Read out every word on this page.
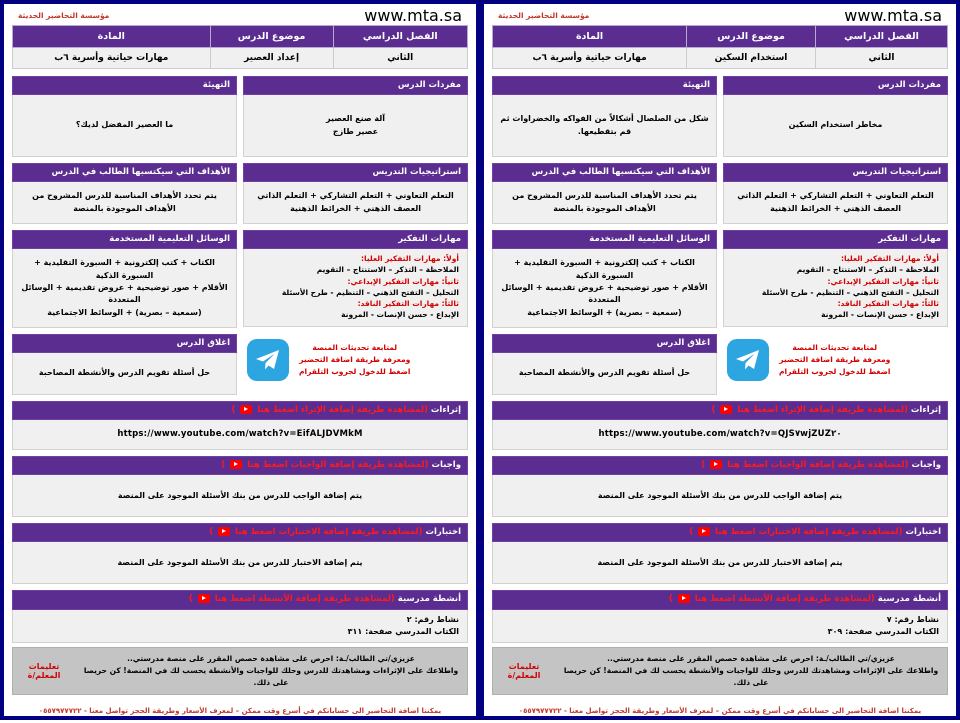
www.mta.sa
مؤسسة التحاضير الحديثة
الفصل الدراسي	موضوع الدرس	المادة
الثاني	إعداد العصير	مهارات حياتية وأسرية ٦ب
التهيئة
ما العصير المفضل لديك؟
الأهداف التي سيكتسبها الطالب في الدرس
يتم تحدد الأهداف المناسبة للدرس المشروح من الأهداف الموجودة بالمنصة
الوسائل التعليمية المستخدمة
الكتاب + كتب إلكترونية + السبورة التقليدية + السبورة الذكية
الأقلام + صور توضيحية + عروض تقديمية + الوسائل المتعددة
(سمعية – بصرية) + الوسائط الاجتماعية
اغلاق الدرس
حل أسئلة تقويم الدرس والأنشطة المصاحبة
مفردات الدرس
آلة صنع العصير
عصير طازج
استراتيجيات التدريس
التعلم التعاوني + التعلم التشاركي + التعلم الذاتي
العصف الذهني + الخرائط الذهنية
مهارات التفكير
أولاً: مهارات التفكير العليا:
الملاحظة – التذكر – الاستنتاج – التقويم
ثانياً: مهارات التفكير الإبداعي:
التحليل – التفتح الذهني – التنظيم - طرح الأسئلة
ثالثاً: مهارات التفكير الناقد:
الإبداع - حسن الإنصات - المرونة
لمتابعة تحديثات المنصة
ومعرفة طريقة اضافة التحضير
اضغط للدخول لجروب التلقرام
إثراءات (لمشاهدة طريقة إضافة الإثراء اضغط هنا  )
https://www.youtube.com/watch?v=EifALJDVMkM
واجبات (لمشاهدة طريقة إضافة الواجبات اضغط هنا  )
يتم إضافة الواجب للدرس من بنك الأسئلة الموجود على المنصة
اختبارات (لمشاهدة طريقة إضافة الاختبارات اضغط هنا  )
يتم إضافة الاختبار للدرس من بنك الأسئلة الموجود على المنصة
أنشطة مدرسية (لمشاهدة طريقة إضافة الأنشطة اضغط هنا  )
نشاط رقم: ٢
الكتاب المدرسي صفحة: ٣١١
تعليمات المعلم/ة
عزيزي/تي الطالب/ـة: احرص على مشاهدة حصص المقرر على منصة مدرستي..
واطلاعك على الإثراءات ومشاهدتك للدرس وحلك للواجبات والأنشطة يحسب لك في المنصة! كن حريصا على ذلك.
يمكننا اضافة التحاضير الى حساباتكم في أسرع وقت ممكن – لمعرف الأسعار وطريقة الحجز تواصل معنا - ٠٥٥٧٩٧٧٧٢٢
www.mta.sa
مؤسسة التحاضير الحديثة
الفصل الدراسي	موضوع الدرس	المادة
الثاني	استخدام السكين	مهارات حياتية وأسرية ٦ب
التهيئة
شكل من الصلصال أشكالاً من الفواكه والخضراوات ثم قم بتقطيعها.
الأهداف التي سيكتسبها الطالب في الدرس
يتم تحدد الأهداف المناسبة للدرس المشروح من الأهداف الموجودة بالمنصة
الوسائل التعليمية المستخدمة
الكتاب + كتب إلكترونية + السبورة التقليدية + السبورة الذكية
الأقلام + صور توضيحية + عروض تقديمية + الوسائل المتعددة
(سمعية – بصرية) + الوسائط الاجتماعية
اغلاق الدرس
حل أسئلة تقويم الدرس والأنشطة المصاحبة
مفردات الدرس
مخاطر استخدام السكين
استراتيجيات التدريس
التعلم التعاوني + التعلم التشاركي + التعلم الذاتي
العصف الذهني + الخرائط الذهنية
مهارات التفكير
أولاً: مهارات التفكير العليا:
الملاحظة – التذكر – الاستنتاج – التقويم
ثانياً: مهارات التفكير الإبداعي:
التحليل – التفتح الذهني – التنظيم - طرح الأسئلة
ثالثاً: مهارات التفكير الناقد:
الإبداع - حسن الإنصات - المرونة
لمتابعة تحديثات المنصة
ومعرفة طريقة اضافة التحضير
اضغط للدخول لجروب التلقرام
إثراءات (لمشاهدة طريقة إضافة الإثراء اضغط هنا  )
https://www.youtube.com/watch?v=QJS٧wjZUZ٢٠
واجبات (لمشاهدة طريقة إضافة الواجبات اضغط هنا  )
يتم إضافة الواجب للدرس من بنك الأسئلة الموجود على المنصة
اختبارات (لمشاهدة طريقة إضافة الاختبارات اضغط هنا  )
يتم إضافة الاختبار للدرس من بنك الأسئلة الموجود على المنصة
أنشطة مدرسية (لمشاهدة طريقة إضافة الأنشطة اضغط هنا  )
نشاط رقم: ٧
الكتاب المدرسي صفحة: ٣٠٩
تعليمات المعلم/ة
عزيزي/تي الطالب/ـة: احرص على مشاهدة حصص المقرر على منصة مدرستي..
واطلاعك على الإثراءات ومشاهدتك للدرس وحلك للواجبات والأنشطة يحسب لك في المنصة! كن حريصا على ذلك.
يمكننا اضافة التحاضير الى حساباتكم في أسرع وقت ممكن – لمعرف الأسعار وطريقة الحجز تواصل معنا - ٠٥٥٧٩٧٧٧٢٢
